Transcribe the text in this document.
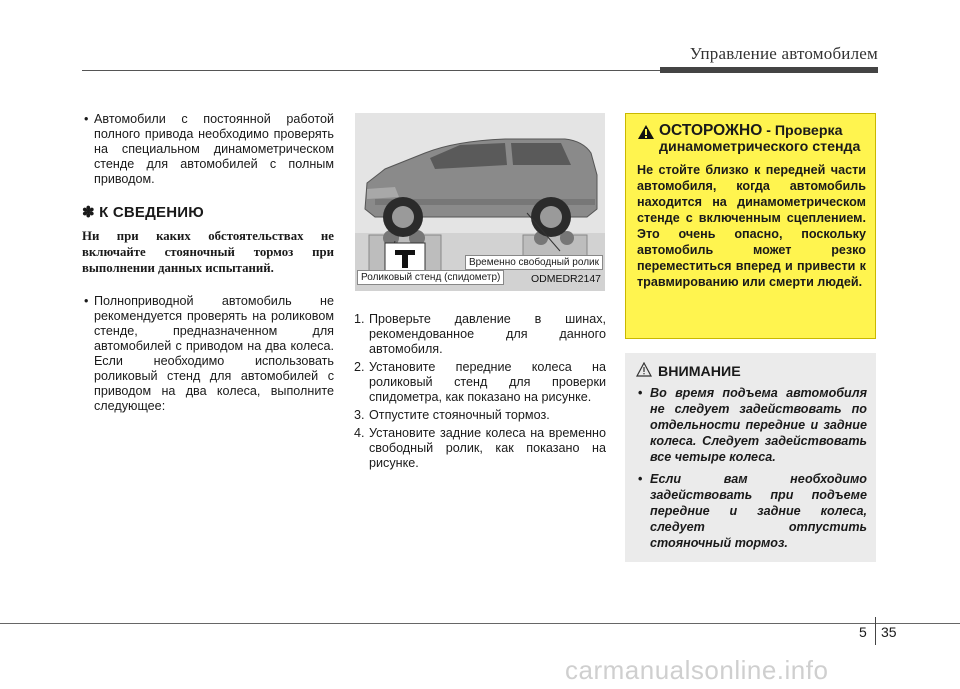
Управление автомобилем

• Автомобили с постоянной работой полного привода необходимо проверять на специальном динамометрическом стенде для автомобилей с полным приводом.

✽ К СВЕДЕНИЮ
Ни при каких обстоятельствах не включайте стояночный тормоз при выполнении данных испытаний.

• Полноприводной автомобиль не рекомендуется проверять на роликовом стенде, предназначенном для автомобилей с приводом на два колеса. Если необходимо использовать роликовый стенд для автомобилей с приводом на два колеса, выполните следующее:

Временно свободный ролик
Роликовый стенд (спидометр)	ODMEDR2147
1. Проверьте давление в шинах, рекомендованное для данного автомобиля.
2. Установите передние колеса на роликовый стенд для проверки спидометра, как показано на рисунке.
3. Отпустите стояночный тормоз.
4. Установите задние колеса на временно свободный ролик, как показано на рисунке.
ОСТОРОЖНО - Проверка динамометрического стенда
Не стойте близко к передней части автомобиля, когда автомобиль находится на динамометрическом стенде с включенным сцеплением. Это очень опасно, поскольку автомобиль может резко переместиться вперед и привести к травмированию или смерти людей.
ВНИМАНИЕ
• Во время подъема автомобиля не следует задействовать по отдельности передние и задние колеса. Следует задействовать все четыре колеса.
• Если вам необходимо задействовать при подъеме передние и задние колеса, следует отпустить стояночный тормоз.
5 35
carmanualsonline.info
